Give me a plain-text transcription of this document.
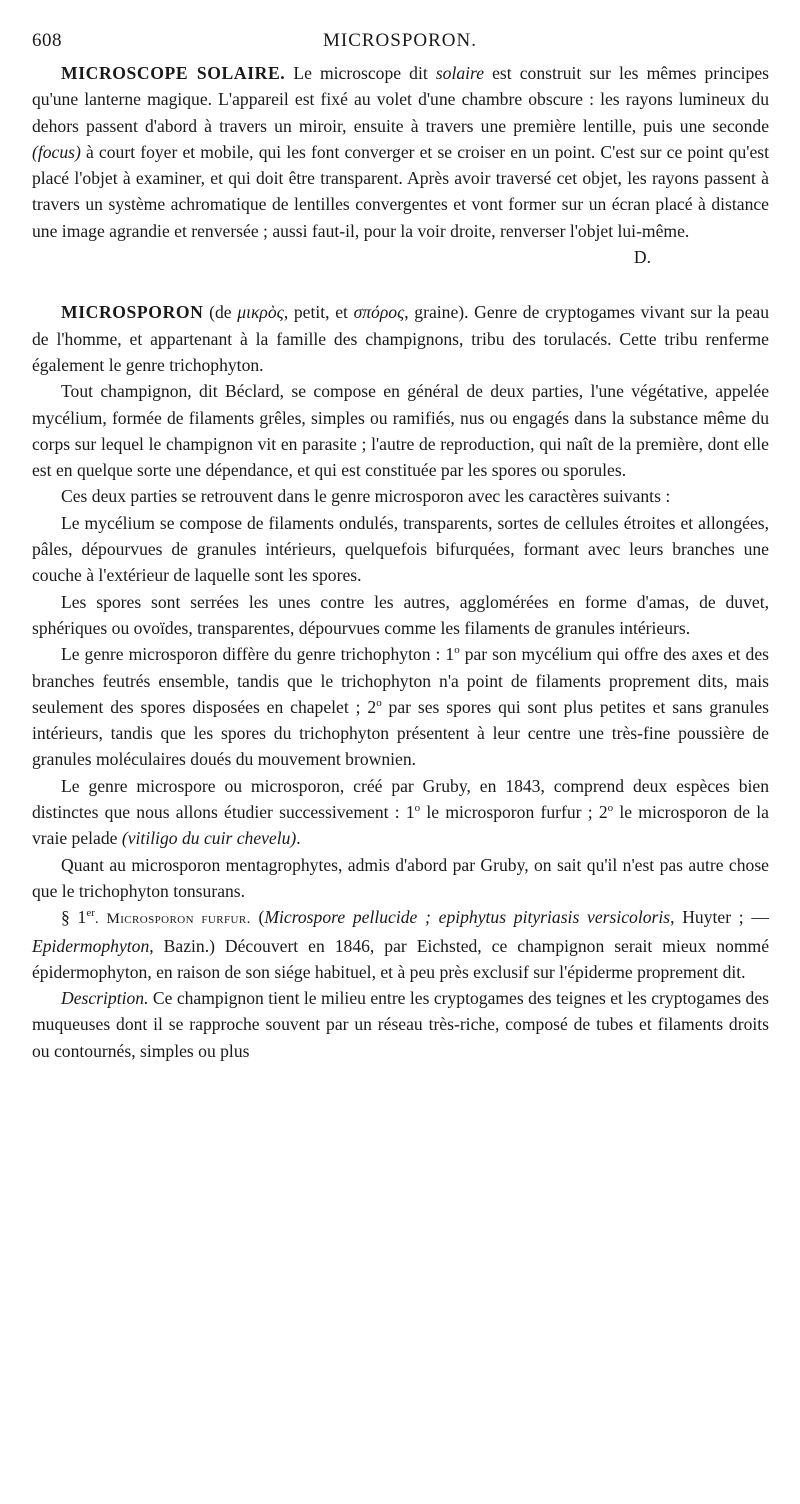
608	MICROSPORON.

MICROSCOPE SOLAIRE. Le microscope dit solaire est construit sur les mêmes principes qu'une lanterne magique. L'appareil est fixé au volet d'une chambre obscure : les rayons lumineux du dehors passent d'abord à travers un miroir, ensuite à travers une première lentille, puis une seconde (focus) à court foyer et mobile, qui les font converger et se croiser en un point. C'est sur ce point qu'est placé l'objet à examiner, et qui doit être transparent. Après avoir traversé cet objet, les rayons passent à travers un système achromatique de lentilles convergentes et vont former sur un écran placé à distance une image agrandie et renversée ; aussi faut-il, pour la voir droite, renverser l'objet lui-même.

D.

MICROSPORON (de μικρὸς, petit, et σπόρος, graine). Genre de cryptogames vivant sur la peau de l'homme, et appartenant à la famille des champignons, tribu des torulacés. Cette tribu renferme également le genre trichophyton.

Tout champignon, dit Béclard, se compose en général de deux parties, l'une végétative, appelée mycélium, formée de filaments grêles, simples ou ramifiés, nus ou engagés dans la substance même du corps sur lequel le champignon vit en parasite ; l'autre de reproduction, qui naît de la première, dont elle est en quelque sorte une dépendance, et qui est constituée par les spores ou sporules.

Ces deux parties se retrouvent dans le genre microsporon avec les caractères suivants :

Le mycélium se compose de filaments ondulés, transparents, sortes de cellules étroites et allongées, pâles, dépourvues de granules intérieurs, quelquefois bifurquées, formant avec leurs branches une couche à l'extérieur de laquelle sont les spores.

Les spores sont serrées les unes contre les autres, agglomérées en forme d'amas, de duvet, sphériques ou ovoïdes, transparentes, dépourvues comme les filaments de granules intérieurs.

Le genre microsporon diffère du genre trichophyton : 1$^o$ par son mycélium qui offre des axes et des branches feutrés ensemble, tandis que le trichophyton n'a point de filaments proprement dits, mais seulement des spores disposées en chapelet ; 2$^o$ par ses spores qui sont plus petites et sans granules intérieurs, tandis que les spores du trichophyton présentent à leur centre une très-fine poussière de granules moléculaires doués du mouvement brownien.

Le genre microspore ou microsporon, créé par Gruby, en 1843, comprend deux espèces bien distinctes que nous allons étudier successivement : 1$^o$ le microsporon furfur ; 2$^o$ le microsporon de la vraie pelade (vitiligo du cuir chevelu).

Quant au microsporon mentagrophytes, admis d'abord par Gruby, on sait qu'il n'est pas autre chose que le trichophyton tonsurans.

§ 1er. Microsporon furfur. (Microspore pellucide ; epiphytus pityriasis versicoloris, Huyter ; — Epidermophyton, Bazin.) Découvert en 1846, par Eichsted, ce champignon serait mieux nommé épidermophyton, en raison de son siége habituel, et à peu près exclusif sur l'épiderme proprement dit.

Description. Ce champignon tient le milieu entre les cryptogames des teignes et les cryptogames des muqueuses dont il se rapproche souvent par un réseau très-riche, composé de tubes et filaments droits ou contournés, simples ou plus
